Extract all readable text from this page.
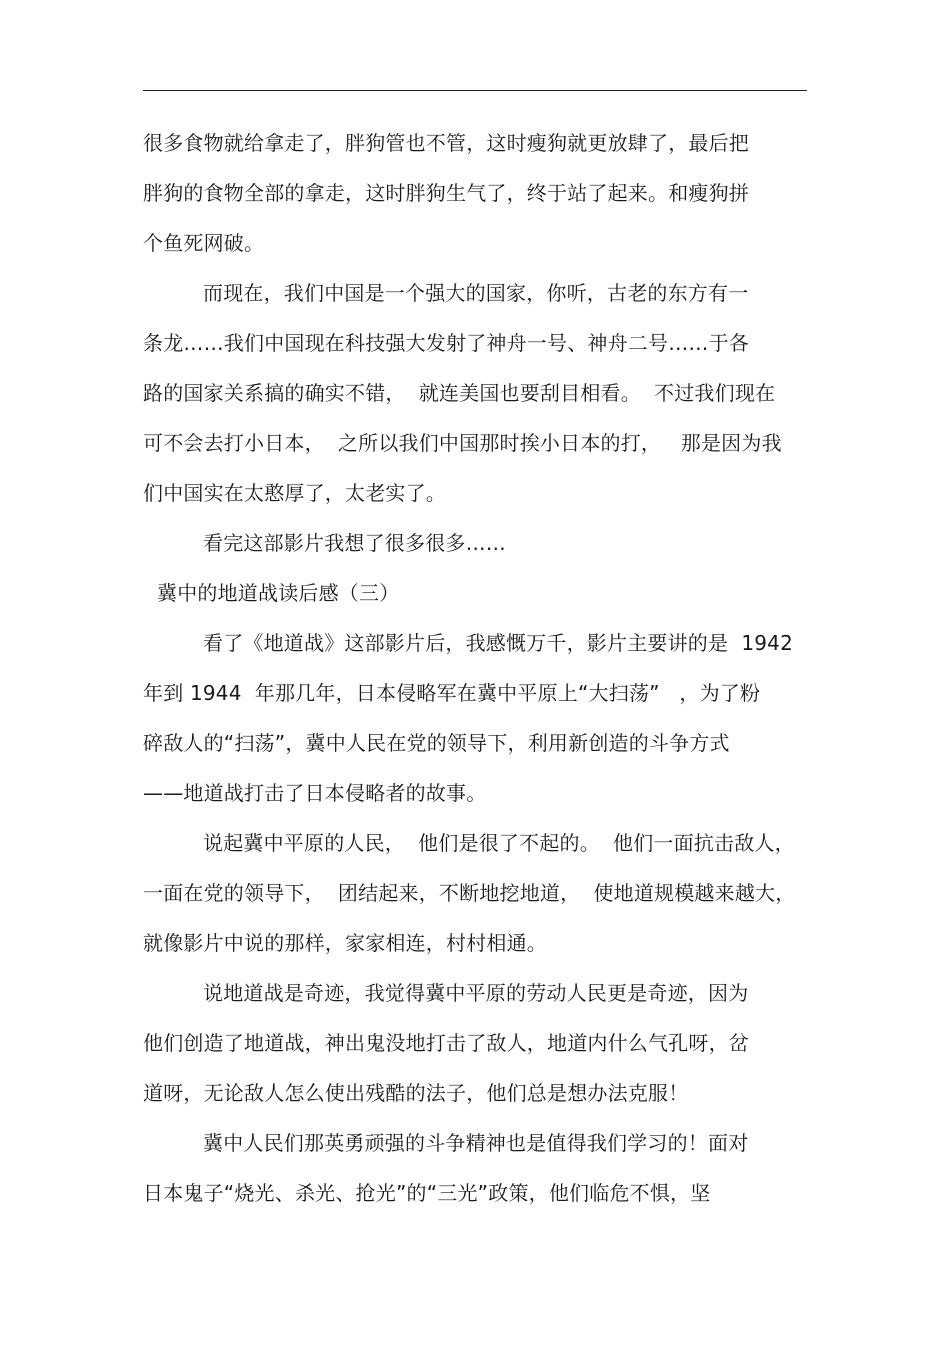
很多食物就给拿走了，胖狗管也不管，这时瘦狗就更放肆了，最后把
胖狗的食物全部的拿走，这时胖狗生气了，终于站了起来。和瘦狗拼
个鱼死网破。
而现在，我们中国是一个强大的国家，你听，古老的东方有一
条龙……我们中国现在科技强大发射了神舟一号、神舟二号……于各
路的国家关系搞的确实不错，  就连美国也要刮目相看。  不过我们现在
可不会去打小日本，  之所以我们中国那时挨小日本的打，   那是因为我
们中国实在太憨厚了，太老实了。
看完这部影片我想了很多很多……
冀中的地道战读后感（三）
看了《地道战》这部影片后，我感慨万千，影片主要讲的是  1942
年到 1944  年那几年，日本侵略军在冀中平原上“大扫荡”   ，为了粉
碎敌人的“扫荡”，冀中人民在党的领导下，利用新创造的斗争方式
——地道战打击了日本侵略者的故事。
说起冀中平原的人民，  他们是很了不起的。  他们一面抗击敌人，
一面在党的领导下，  团结起来，不断地挖地道，  使地道规模越来越大，
就像影片中说的那样，家家相连，村村相通。
说地道战是奇迹，我觉得冀中平原的劳动人民更是奇迹，因为
他们创造了地道战，神出鬼没地打击了敌人，地道内什么气孔呀，岔
道呀，无论敌人怎么使出残酷的法子，他们总是想办法克服！
冀中人民们那英勇顽强的斗争精神也是值得我们学习的！面对
日本鬼子“烧光、杀光、抢光”的“三光”政策，他们临危不惧，坚
